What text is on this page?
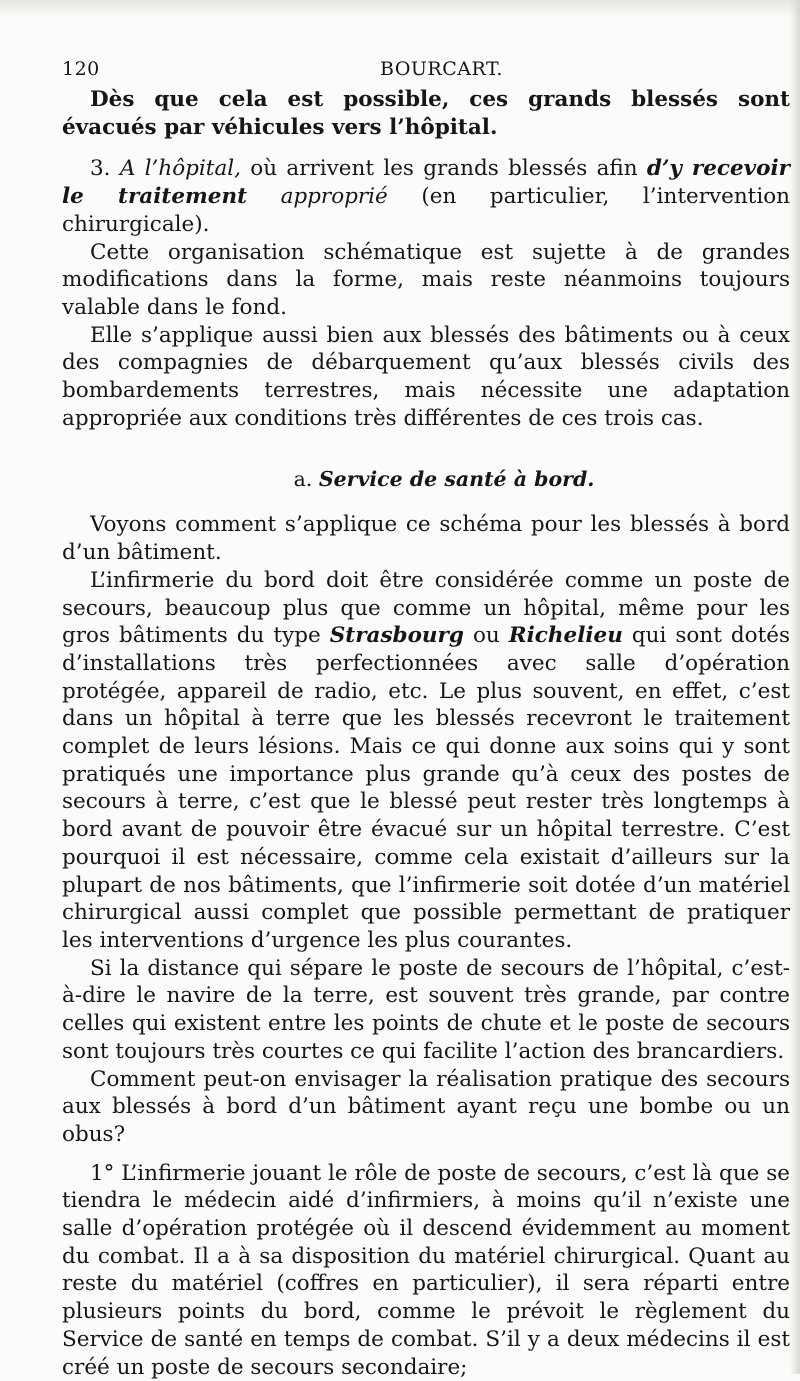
120	BOURCART.

Dès que cela est possible, ces grands blessés sont évacués par véhicules vers l’hôpital.

3. A l’hôpital, où arrivent les grands blessés afin d’y recevoir le traitement approprié (en particulier, l’intervention chirurgicale).

Cette organisation schématique est sujette à de grandes modifications dans la forme, mais reste néanmoins toujours valable dans le fond.

Elle s’applique aussi bien aux blessés des bâtiments ou à ceux des compagnies de débarquement qu’aux blessés civils des bombardements terrestres, mais nécessite une adaptation appropriée aux conditions très différentes de ces trois cas.

a. Service de santé à bord.

Voyons comment s’applique ce schéma pour les blessés à bord d’un bâtiment.

L’infirmerie du bord doit être considérée comme un poste de secours, beaucoup plus que comme un hôpital, même pour les gros bâtiments du type Strasbourg ou Richelieu qui sont dotés d’installations très perfectionnées avec salle d’opération protégée, appareil de radio, etc. Le plus souvent, en effet, c’est dans un hôpital à terre que les blessés recevront le traitement complet de leurs lésions. Mais ce qui donne aux soins qui y sont pratiqués une importance plus grande qu’à ceux des postes de secours à terre, c’est que le blessé peut rester très longtemps à bord avant de pouvoir être évacué sur un hôpital terrestre. C’est pourquoi il est nécessaire, comme cela existait d’ailleurs sur la plupart de nos bâtiments, que l’infirmerie soit dotée d’un matériel chirurgical aussi complet que possible permettant de pratiquer les interventions d’urgence les plus courantes.

Si la distance qui sépare le poste de secours de l’hôpital, c’est-à-dire le navire de la terre, est souvent très grande, par contre celles qui existent entre les points de chute et le poste de secours sont toujours très courtes ce qui facilite l’action des brancardiers.

Comment peut-on envisager la réalisation pratique des secours aux blessés à bord d’un bâtiment ayant reçu une bombe ou un obus?

1° L’infirmerie jouant le rôle de poste de secours, c’est là que se tiendra le médecin aidé d’infirmiers, à moins qu’il n’existe une salle d’opération protégée où il descend évidemment au moment du combat. Il a à sa disposition du matériel chirurgical. Quant au reste du matériel (coffres en particulier), il sera réparti entre plusieurs points du bord, comme le prévoit le règlement du Service de santé en temps de combat. S’il y a deux médecins il est créé un poste de secours secondaire;
